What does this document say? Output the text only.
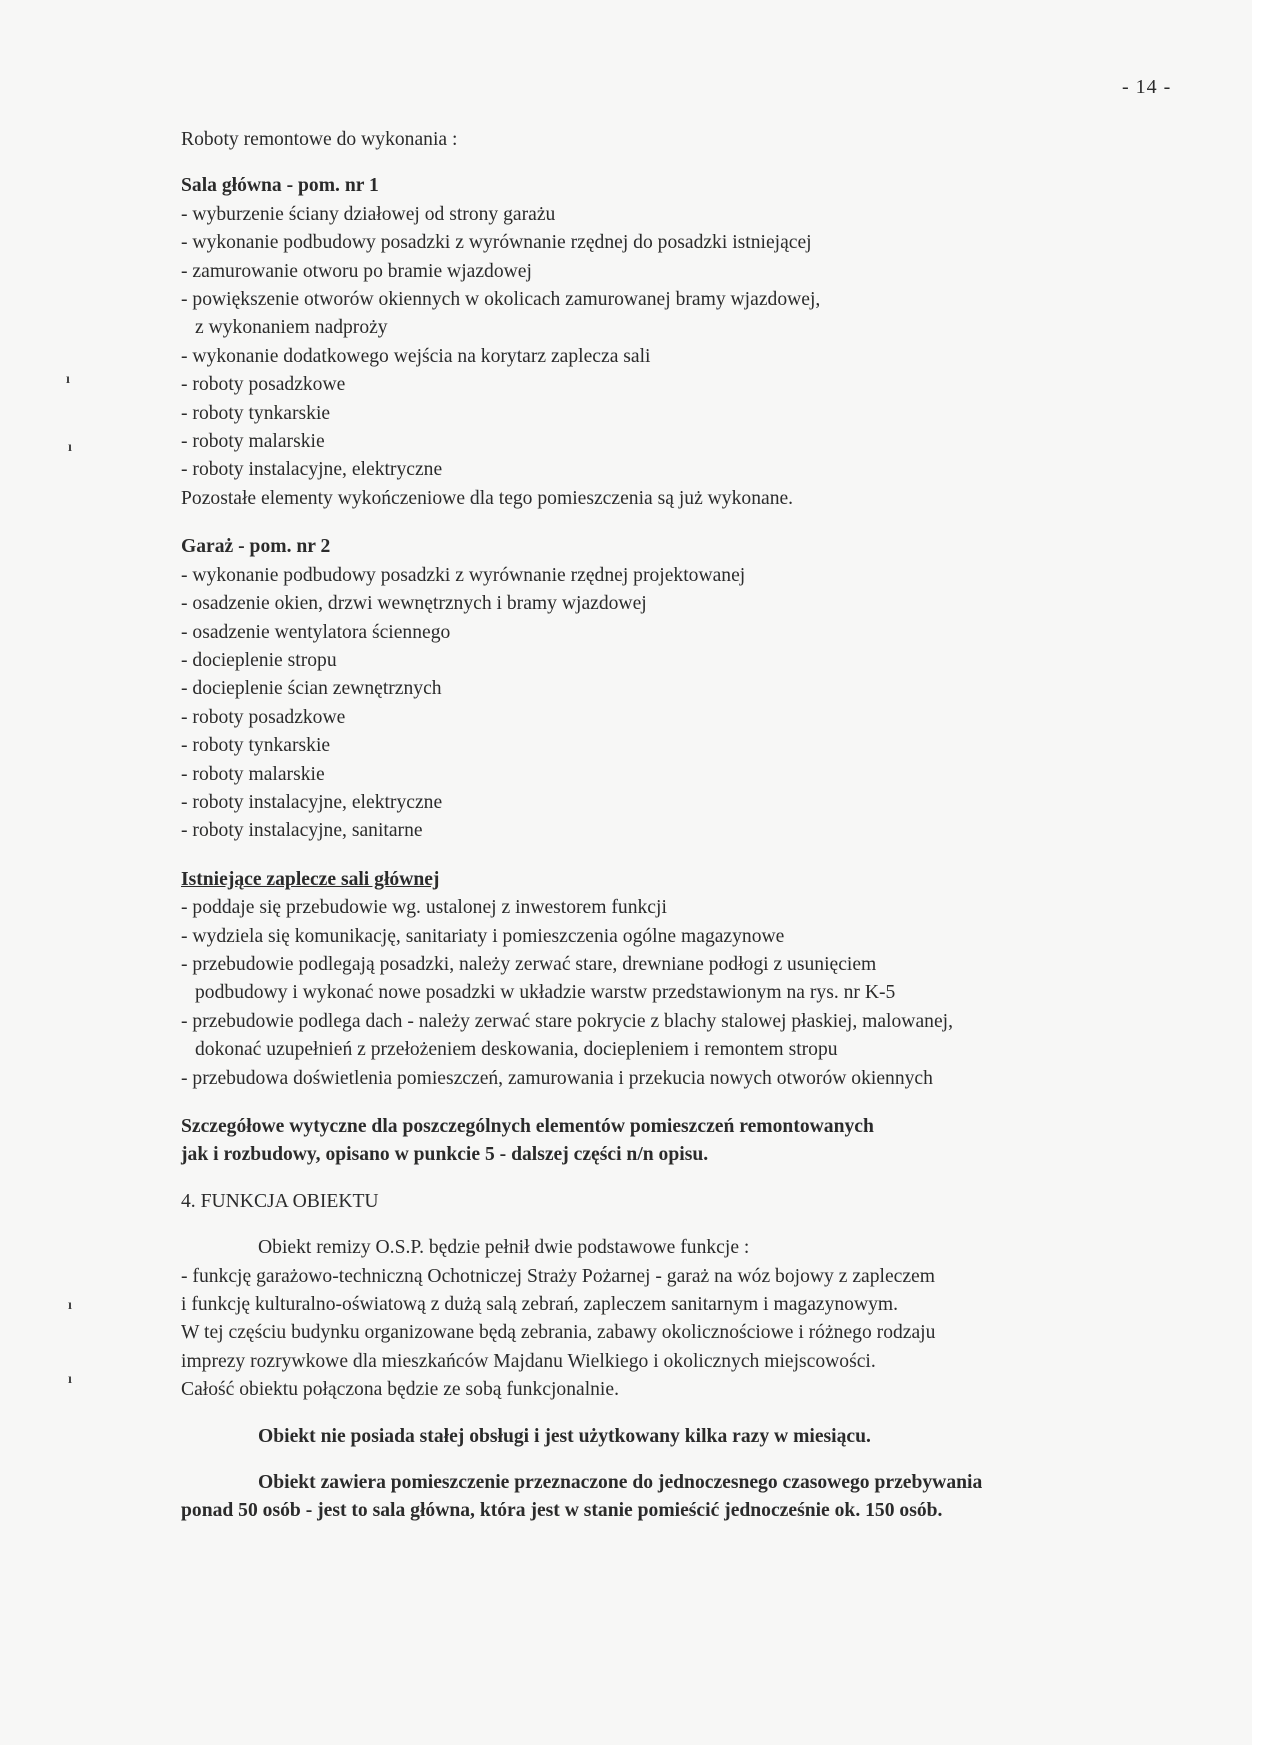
- 14 -
ı
ı
ı
ı
Roboty remontowe do wykonania :
Sala główna - pom. nr 1
- wyburzenie ściany działowej od strony garażu
- wykonanie podbudowy posadzki z wyrównanie rzędnej do posadzki istniejącej
- zamurowanie otworu po bramie wjazdowej
- powiększenie otworów okiennych w okolicach zamurowanej bramy wjazdowej,
z wykonaniem nadproży
- wykonanie dodatkowego wejścia na korytarz zaplecza sali
- roboty posadzkowe
- roboty tynkarskie
- roboty malarskie
- roboty instalacyjne, elektryczne
Pozostałe elementy wykończeniowe dla tego pomieszczenia są już wykonane.
Garaż - pom. nr 2
- wykonanie podbudowy posadzki z wyrównanie rzędnej projektowanej
- osadzenie okien, drzwi wewnętrznych i bramy wjazdowej
- osadzenie wentylatora ściennego
- docieplenie stropu
- docieplenie ścian zewnętrznych
- roboty posadzkowe
- roboty tynkarskie
- roboty malarskie
- roboty instalacyjne, elektryczne
- roboty instalacyjne, sanitarne
Istniejące zaplecze sali głównej
- poddaje się przebudowie wg. ustalonej z inwestorem funkcji
- wydziela się komunikację, sanitariaty i pomieszczenia ogólne magazynowe
- przebudowie podlegają posadzki, należy zerwać stare, drewniane podłogi z usunięciem
podbudowy i wykonać nowe posadzki w układzie warstw przedstawionym na rys. nr K-5
- przebudowie podlega dach - należy zerwać stare pokrycie z blachy stalowej płaskiej, malowanej,
dokonać uzupełnień z przełożeniem deskowania, dociepleniem i remontem stropu
- przebudowa doświetlenia pomieszczeń, zamurowania i przekucia nowych otworów okiennych
Szczegółowe wytyczne dla poszczególnych elementów pomieszczeń remontowanych
jak i rozbudowy, opisano w punkcie 5 - dalszej części n/n opisu.
4. FUNKCJA OBIEKTU
Obiekt remizy O.S.P. będzie pełnił dwie podstawowe funkcje :
- funkcję garażowo-techniczną Ochotniczej Straży Pożarnej - garaż na wóz bojowy z zapleczem
i funkcję kulturalno-oświatową z dużą salą zebrań, zapleczem sanitarnym i magazynowym.
W tej częściu budynku organizowane będą zebrania, zabawy okolicznościowe i różnego rodzaju
imprezy rozrywkowe dla mieszkańców Majdanu Wielkiego i okolicznych miejscowości.
Całość obiektu połączona będzie ze sobą funkcjonalnie.
Obiekt nie posiada stałej obsługi i jest użytkowany kilka razy w miesiącu.
Obiekt zawiera pomieszczenie przeznaczone do jednoczesnego czasowego przebywania
ponad 50 osób - jest to sala główna, która jest w stanie pomieścić jednocześnie ok. 150 osób.
